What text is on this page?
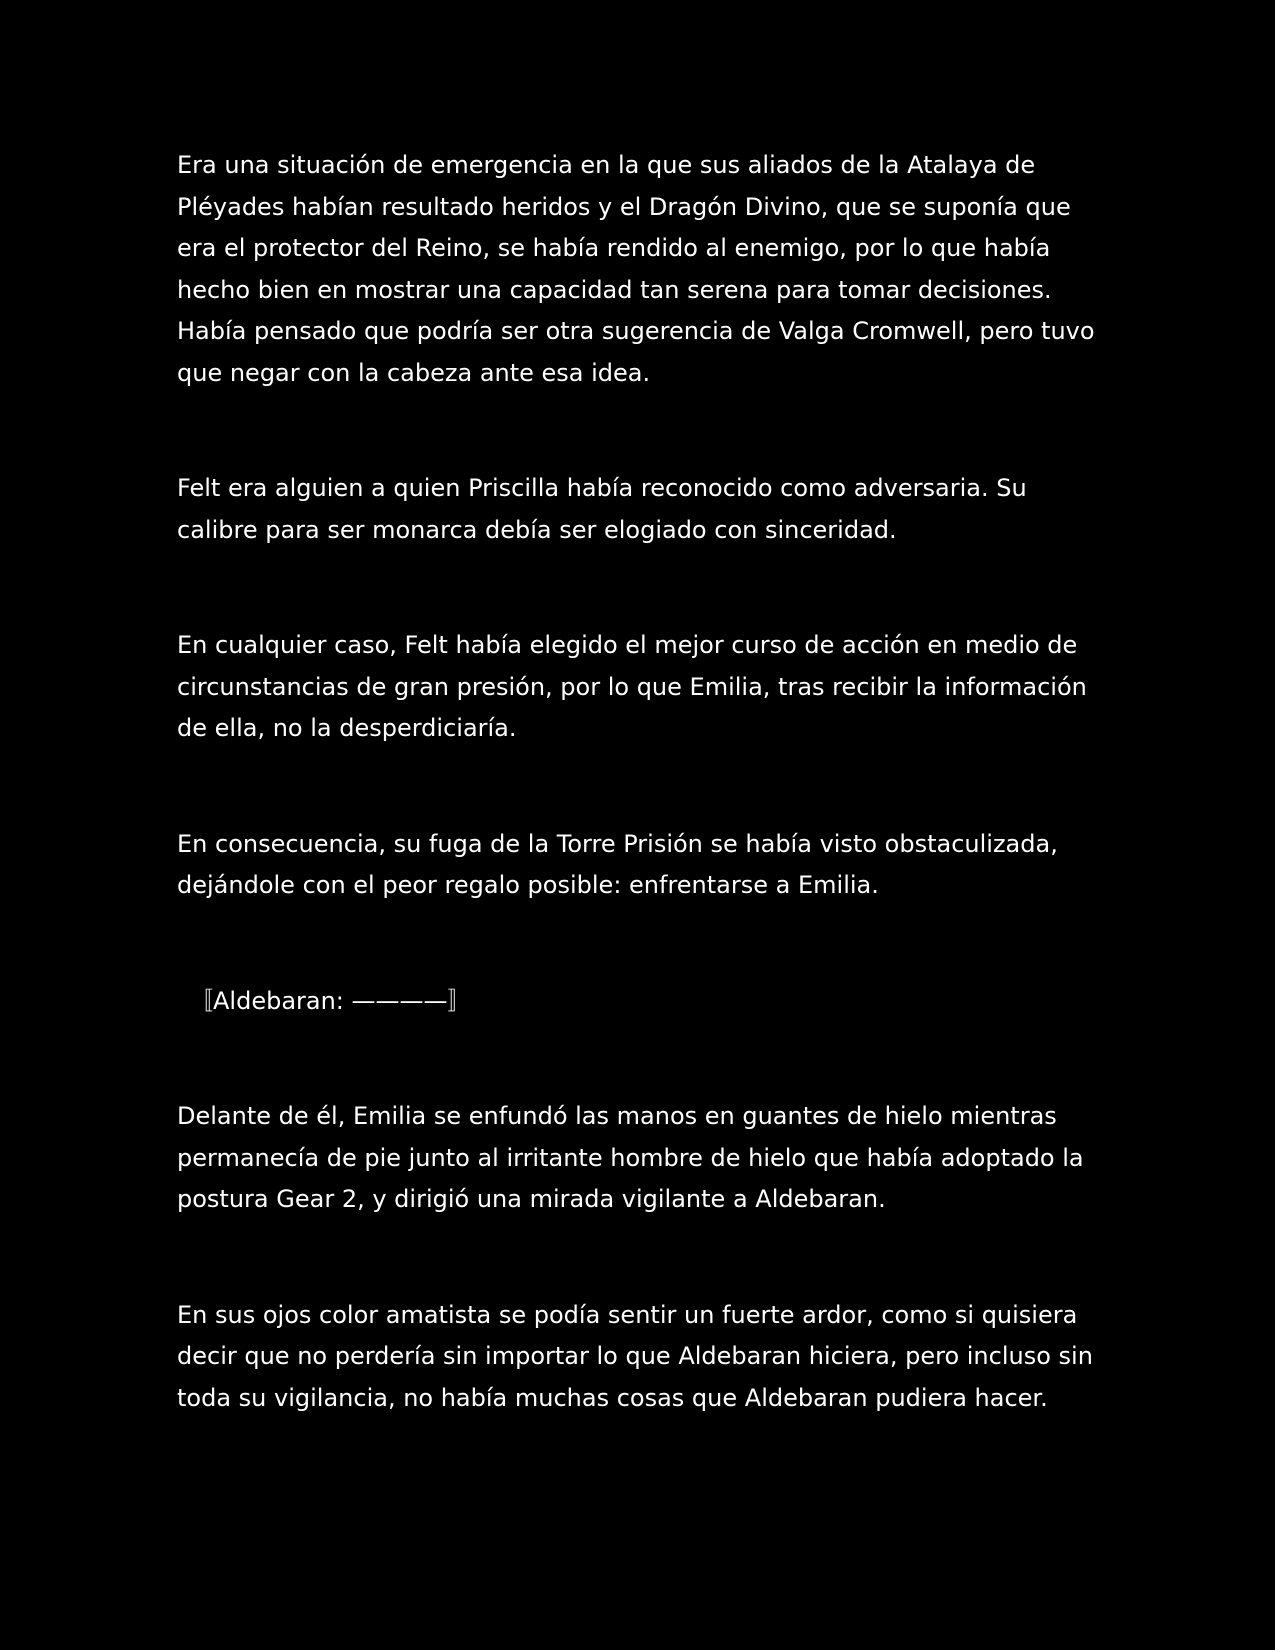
Era una situación de emergencia en la que sus aliados de la Atalaya de Pléyades habían resultado heridos y el Dragón Divino, que se suponía que era el protector del Reino, se había rendido al enemigo, por lo que había hecho bien en mostrar una capacidad tan serena para tomar decisiones. Había pensado que podría ser otra sugerencia de Valga Cromwell, pero tuvo que negar con la cabeza ante esa idea.

Felt era alguien a quien Priscilla había reconocido como adversaria. Su calibre para ser monarca debía ser elogiado con sinceridad.

En cualquier caso, Felt había elegido el mejor curso de acción en medio de circunstancias de gran presión, por lo que Emilia, tras recibir la información de ella, no la desperdiciaría.

En consecuencia, su fuga de la Torre Prisión se había visto obstaculizada, dejándole con el peor regalo posible: enfrentarse a Emilia.

〚Aldebaran: ————〛

Delante de él, Emilia se enfundó las manos en guantes de hielo mientras permanecía de pie junto al irritante hombre de hielo que había adoptado la postura Gear 2, y dirigió una mirada vigilante a Aldebaran.

En sus ojos color amatista se podía sentir un fuerte ardor, como si quisiera decir que no perdería sin importar lo que Aldebaran hiciera, pero incluso sin toda su vigilancia, no había muchas cosas que Aldebaran pudiera hacer.
